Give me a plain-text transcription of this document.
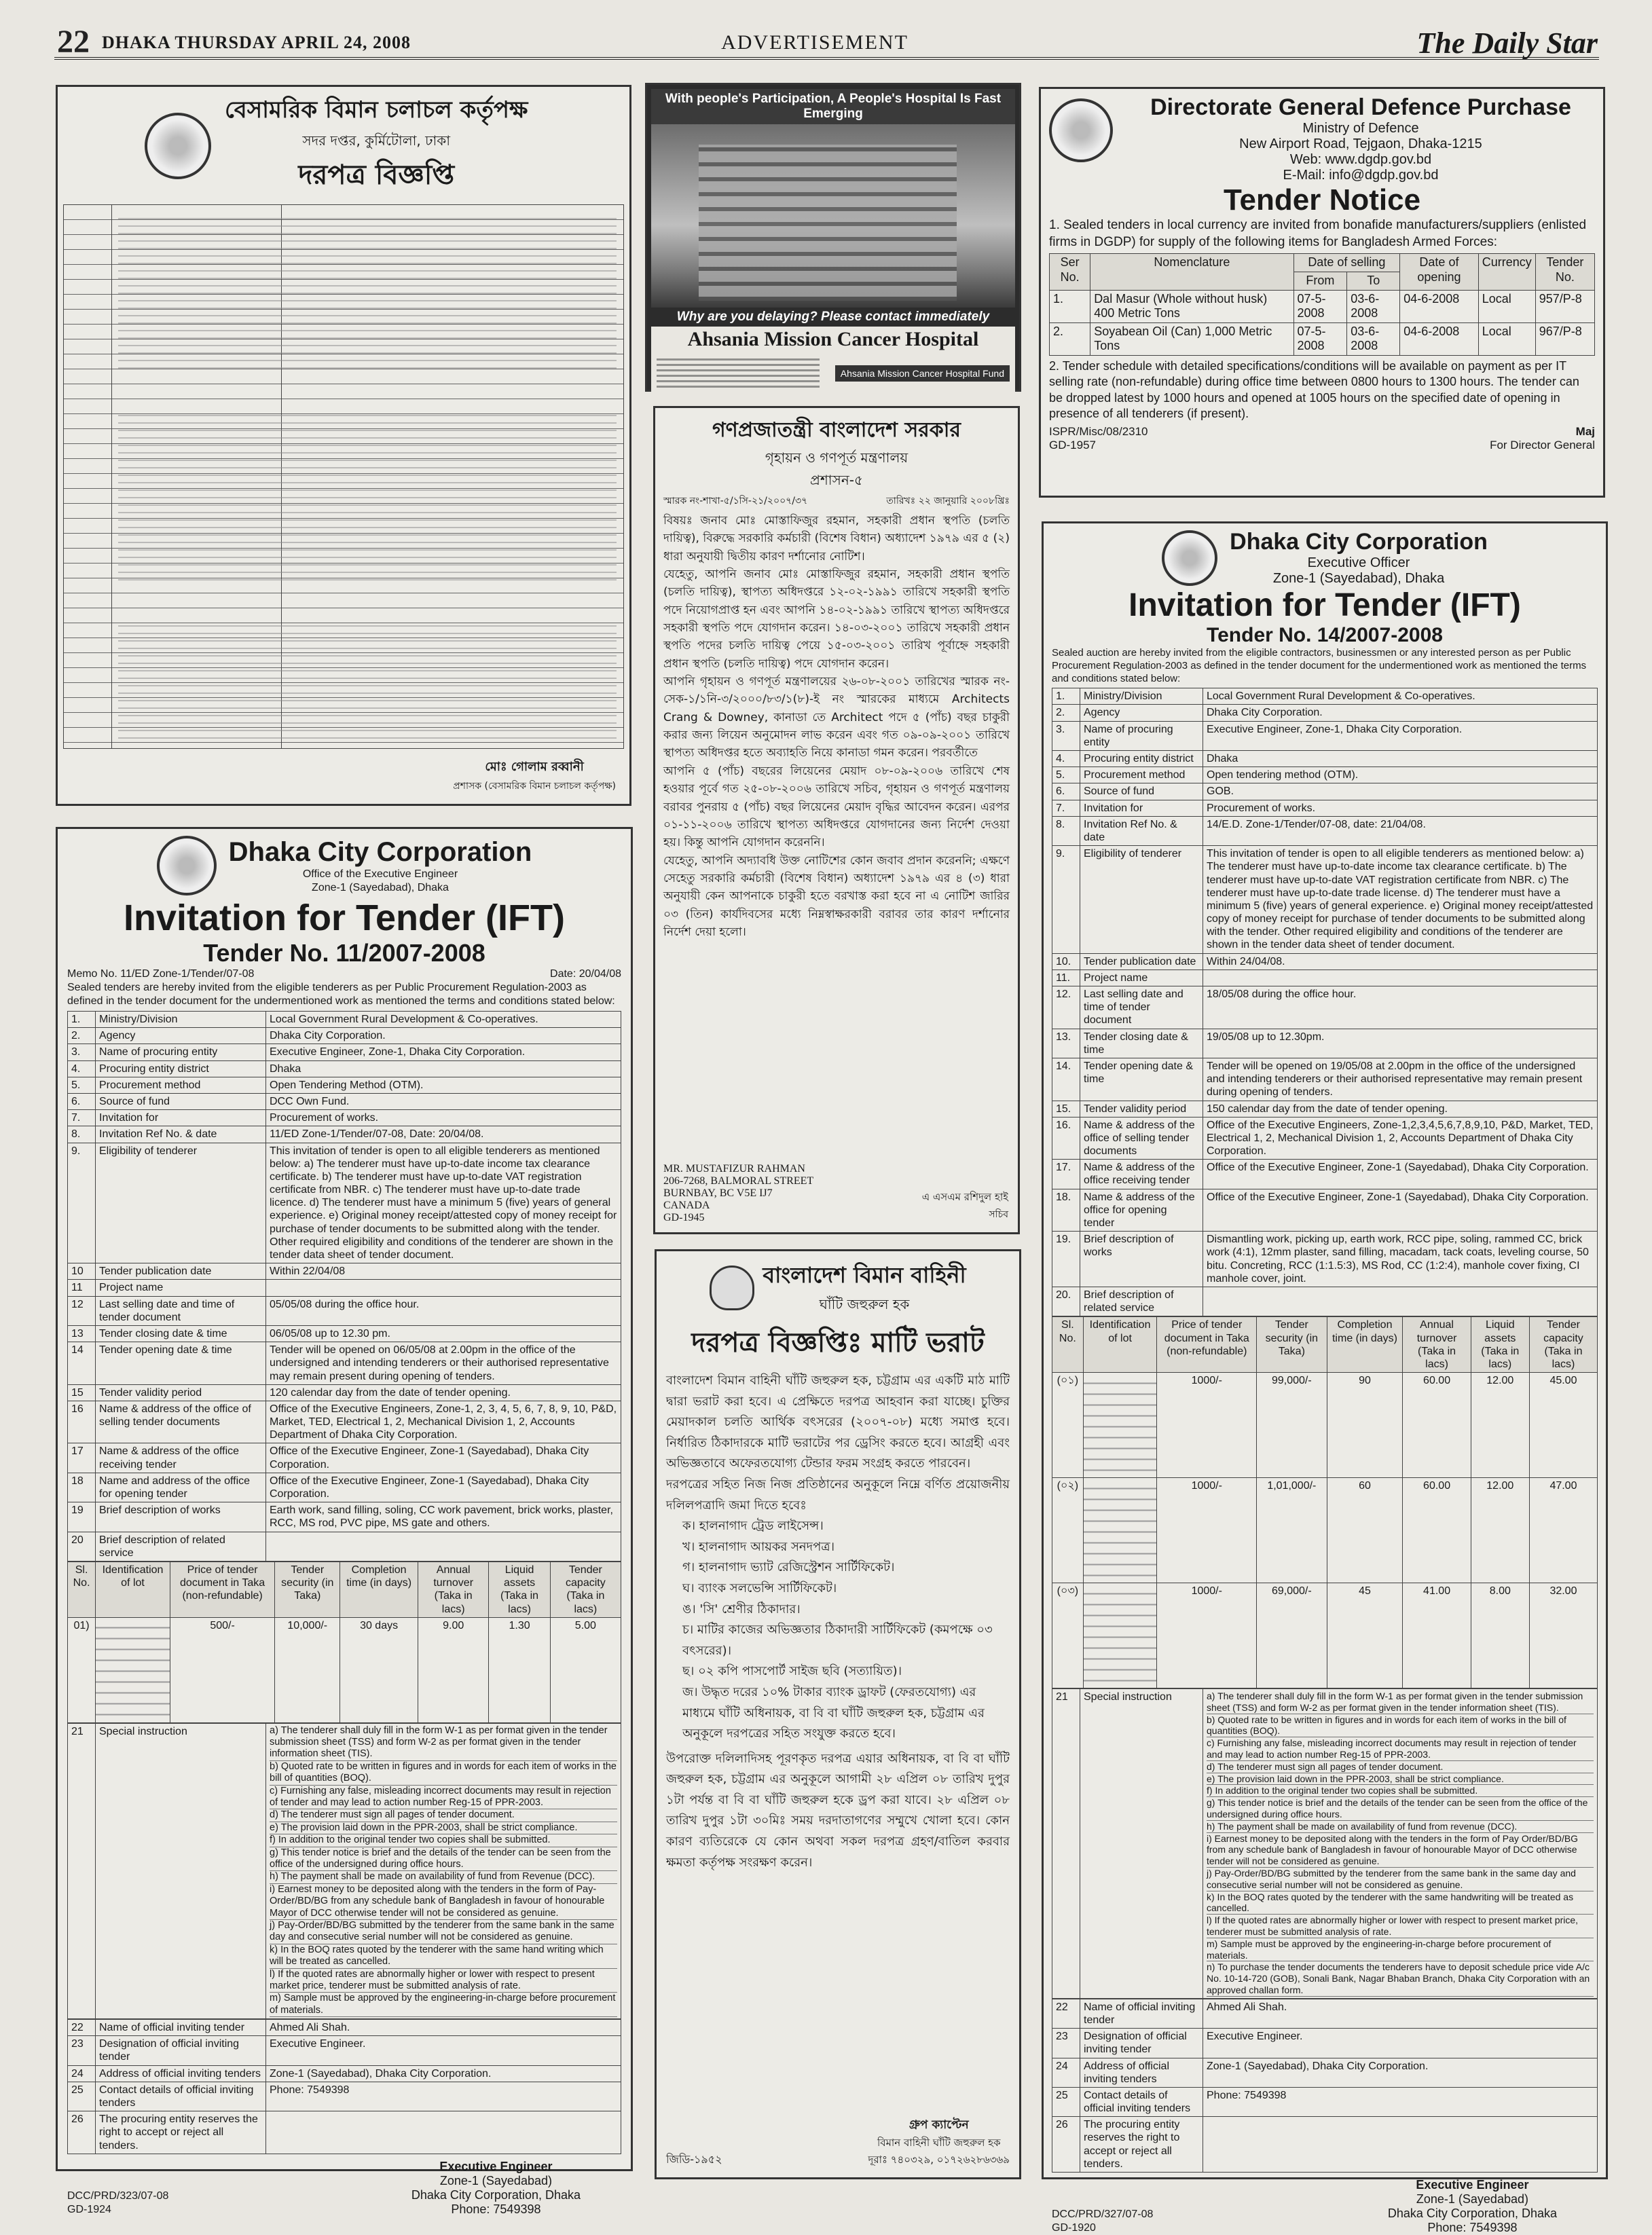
22 DHAKA THURSDAY APRIL 24, 2008	ADVERTISEMENT	The Daily Star
বেসামরিক বিমান চলাচল কর্তৃপক্ষ
সদর দপ্তর, কুর্মিটোলা, ঢাকা
দরপত্র বিজ্ঞপ্তি
মোঃ গোলাম রব্বানী
প্রশাসক (বেসামরিক বিমান চলাচল কর্তৃপক্ষ)
Dhaka City Corporation
Office of the Executive Engineer
Zone-1 (Sayedabad), Dhaka
Invitation for Tender (IFT)
Tender No. 11/2007-2008
Memo No. 11/ED Zone-1/Tender/07-08	Date: 20/04/08
Sealed tenders are hereby invited from the eligible tenderers as per Public Procurement Regulation-2003 as defined in the tender document for the undermentioned work as mentioned the terms and conditions stated below:
1.	Ministry/Division	Local Government Rural Development & Co-operatives.
2.	Agency	Dhaka City Corporation.
3.	Name of procuring entity	Executive Engineer, Zone-1, Dhaka City Corporation.
4.	Procuring entity district	Dhaka
5.	Procurement method	Open Tendering Method (OTM).
6.	Source of fund	DCC Own Fund.
7.	Invitation for	Procurement of works.
8.	Invitation Ref No. & date	11/ED Zone-1/Tender/07-08, Date: 20/04/08.
9.	Eligibility of tenderer	This invitation of tender is open to all eligible tenderers as mentioned below: a) The tenderer must have up-to-date income tax clearance certificate. b) The tenderer must have up-to-date VAT registration certificate from NBR. c) The tenderer must have up-to-date trade licence. d) The tenderer must have a minimum 5 (five) years of general experience. e) Original money receipt/attested copy of money receipt for purchase of tender documents to be submitted along with the tender. Other required eligibility and conditions of the tenderer are shown in the tender data sheet of tender document.
10	Tender publication date	Within 22/04/08
11	Project name	
12	Last selling date and time of tender document	05/05/08 during the office hour.
13	Tender closing date & time	06/05/08 up to 12.30 pm.
14	Tender opening date & time	Tender will be opened on 06/05/08 at 2.00pm in the office of the undersigned and intending tenderers or their authorised representative may remain present during opening of tenders.
15	Tender validity period	120 calendar day from the date of tender opening.
16	Name & address of the office of selling tender documents	Office of the Executive Engineers, Zone-1, 2, 3, 4, 5, 6, 7, 8, 9, 10, P&D, Market, TED, Electrical 1, 2, Mechanical Division 1, 2, Accounts Department of Dhaka City Corporation.
17	Name & address of the office receiving tender	Office of the Executive Engineer, Zone-1 (Sayedabad), Dhaka City Corporation.
18	Name and address of the office for opening tender	Office of the Executive Engineer, Zone-1 (Sayedabad), Dhaka City Corporation.
19	Brief description of works	Earth work, sand filling, soling, CC work pavement, brick works, plaster, RCC, MS rod, PVC pipe, MS gate and others.
20	Brief description of related service	
Sl. No.	Identification of lot	Price of tender document in Taka (non-refundable)	Tender security (in Taka)	Completion time (in days)	Annual turnover (Taka in lacs)	Liquid assets (Taka in lacs)	Tender capacity (Taka in lacs)
01)		500/-	10,000/-	30 days	9.00	1.30	5.00
21	Special instruction	a) The tenderer shall duly fill in the form W-1 as per format given in the tender submission sheet (TSS) and form W-2 as per format given in the tender information sheet (TIS).
b) Quoted rate to be written in figures and in words for each item of works in the bill of quantities (BOQ).
c) Furnishing any false, misleading incorrect documents may result in rejection of tender and may lead to action number Reg-15 of PPR-2003.
d) The tenderer must sign all pages of tender document.
e) The provision laid down in the PPR-2003, shall be strict compliance.
f) In addition to the original tender two copies shall be submitted.
g) This tender notice is brief and the details of the tender can be seen from the office of the undersigned during office hours.
h) The payment shall be made on availability of fund from Revenue (DCC).
i) Earnest money to be deposited along with the tenders in the form of Pay-Order/BD/BG from any schedule bank of Bangladesh in favour of honourable Mayor of DCC otherwise tender will not be considered as genuine.
j) Pay-Order/BD/BG submitted by the tenderer from the same bank in the same day and consecutive serial number will not be considered as genuine.
k) In the BOQ rates quoted by the tenderer with the same hand writing which will be treated as cancelled.
l) If the quoted rates are abnormally higher or lower with respect to present market price, tenderer must be submitted analysis of rate.
m) Sample must be approved by the engineering-in-charge before procurement of materials.
22	Name of official inviting tender	Ahmed Ali Shah.
23	Designation of official inviting tender	Executive Engineer.
24	Address of official inviting tenders	Zone-1 (Sayedabad), Dhaka City Corporation.
25	Contact details of official inviting tenders	Phone: 7549398
26	The procuring entity reserves the right to accept or reject all tenders.	
DCC/PRD/323/07-08
GD-1924
Executive Engineer
Zone-1 (Sayedabad)
Dhaka City Corporation, Dhaka
Phone: 7549398
With people's Participation, A People's Hospital Is Fast Emerging
Why are you delaying? Please contact immediately
Ahsania Mission Cancer Hospital
Ahsania Mission Cancer Hospital Fund
গণপ্রজাতন্ত্রী বাংলাদেশ সরকার
গৃহায়ন ও গণপূর্ত মন্ত্রণালয়
প্রশাসন-৫
স্মারক নং-শাখা-৫/১সি-২১/২০০৭/৩৭	তারিখঃ ২২ জানুয়ারি ২০০৮খ্রিঃ
বিষয়ঃ জনাব মোঃ মোস্তাফিজুর রহমান, সহকারী প্রধান স্থপতি (চলতি দায়িত্ব), বিরুদ্ধে সরকারি কর্মচারী (বিশেষ বিধান) অধ্যাদেশ ১৯৭৯ এর ৫ (২) ধারা অনুযায়ী দ্বিতীয় কারণ দর্শানোর নোটিশ।
যেহেতু, আপনি জনাব মোঃ মোস্তাফিজুর রহমান, সহকারী প্রধান স্থপতি (চলতি দায়িত্ব), স্থাপত্য অধিদপ্তরে ১২-০২-১৯৯১ তারিখে সহকারী স্থপতি পদে নিয়োগপ্রাপ্ত হন এবং আপনি ১৪-০২-১৯৯১ তারিখে স্থাপত্য অধিদপ্তরে সহকারী স্থপতি পদে যোগদান করেন। ১৪-০৩-২০০১ তারিখে সহকারী প্রধান স্থপতি পদের চলতি দায়িত্ব পেয়ে ১৫-০৩-২০০১ তারিখ পূর্বাহ্নে সহকারী প্রধান স্থপতি (চলতি দায়িত্ব) পদে যোগদান করেন।
আপনি গৃহায়ন ও গণপূর্ত মন্ত্রণালয়ের ২৬-০৮-২০০১ তারিখের স্মারক নং-সেক-১/১নি-৩/২০০০/৮৩/১(৮)-ই নং স্মারকের মাধ্যমে Architects Crang & Downey, কানাডা তে Architect পদে ৫ (পাঁচ) বছর চাকুরী করার জন্য লিয়েন অনুমোদন লাভ করেন এবং গত ০৯-০৯-২০০১ তারিখে স্থাপত্য অধিদপ্তর হতে অব্যাহতি নিয়ে কানাডা গমন করেন। পরবর্তীতে
আপনি ৫ (পাঁচ) বছরের লিয়েনের মেয়াদ ০৮-০৯-২০০৬ তারিখে শেষ হওয়ার পূর্বে গত ২৫-০৮-২০০৬ তারিখে সচিব, গৃহায়ন ও গণপূর্ত মন্ত্রণালয় বরাবর পুনরায় ৫ (পাঁচ) বছর লিয়েনের মেয়াদ বৃদ্ধির আবেদন করেন। এরপর ০১-১১-২০০৬ তারিখে স্থাপত্য অধিদপ্তরে যোগদানের জন্য নির্দেশ দেওয়া হয়। কিন্তু আপনি যোগদান করেননি।
যেহেতু, আপনি অদ্যাবধি উক্ত নোটিশের কোন জবাব প্রদান করেননি; এক্ষণে সেহেতু সরকারি কর্মচারী (বিশেষ বিধান) অধ্যাদেশ ১৯৭৯ এর ৪ (৩) ধারা অনুযায়ী কেন আপনাকে চাকুরী হতে বরখাস্ত করা হবে না এ নোটিশ জারির ০৩ (তিন) কার্যদিবসের মধ্যে নিম্নস্বাক্ষরকারী বরাবর তার কারণ দর্শানোর নির্দেশ দেয়া হলো।
MR. MUSTAFIZUR RAHMAN
206-7268, BALMORAL STREET
BURNBAY, BC V5E IJ7
CANADA
GD-1945
এ এসএম রশিদুল হাই
সচিব
বাংলাদেশ বিমান বাহিনী
ঘাঁটি জহুরুল হক
দরপত্র বিজ্ঞপ্তিঃ মাটি ভরাট
বাংলাদেশ বিমান বাহিনী ঘাঁটি জহুরুল হক, চট্টগ্রাম এর একটি মাঠ মাটি দ্বারা ভরাট করা হবে। এ প্রেক্ষিতে দরপত্র আহবান করা যাচ্ছে। চুক্তির মেয়াদকাল চলতি আর্থিক বৎসরের (২০০৭-০৮) মধ্যে সমাপ্ত হবে। নির্ধারিত ঠিকাদারকে মাটি ভরাটের পর ড্রেসিং করতে হবে। আগ্রহী এবং অভিজ্ঞতাবে অফেরতযোগ্য টেন্ডার ফরম সংগ্রহ করতে পারবেন।
দরপত্রের সহিত নিজ নিজ প্রতিষ্ঠানের অনুকূলে নিম্নে বর্ণিত প্রয়োজনীয় দলিলপত্রাদি জমা দিতে হবেঃ
ক। হালনাগাদ ট্রেড লাইসেন্স।
খ। হালনাগাদ আয়কর সনদপত্র।
গ। হালনাগাদ ভ্যাট রেজিস্ট্রেশন সার্টিফিকেট।
ঘ। ব্যাংক সলভেন্সি সার্টিফিকেট।
ঙ। 'সি' শ্রেণীর ঠিকাদার।
চ। মাটির কাজের অভিজ্ঞতার ঠিকাদারী সার্টিফিকেট (কমপক্ষে ০৩ বৎসরের)।
ছ। ০২ কপি পাসপোর্ট সাইজ ছবি (সত্যায়িত)।
জ। উদ্ধৃত দরের ১০% টাকার ব্যাংক ড্রাফট (ফেরতযোগ্য) এর মাধ্যমে ঘাঁটি অধিনায়ক, বা বি বা ঘাঁটি জহুরুল হক, চট্টগ্রাম এর অনুকূলে দরপত্রের সহিত সংযুক্ত করতে হবে।
উপরোক্ত দলিলাদিসহ পূরণকৃত দরপত্র এয়ার অধিনায়ক, বা বি বা ঘাঁটি জহুরুল হক, চট্টগ্রাম এর অনুকূলে আগামী ২৮ এপ্রিল ০৮ তারিখ দুপুর ১টা পর্যন্ত বা বি বা ঘাঁটি জহুরুল হকে ড্রপ করা যাবে। ২৮ এপ্রিল ০৮ তারিখ দুপুর ১টা ৩০মিঃ সময় দরদাতাগণের সম্মুখে খোলা হবে। কোন কারণ ব্যতিরেকে যে কোন অথবা সকল দরপত্র গ্রহণ/বাতিল করবার ক্ষমতা কর্তৃপক্ষ সংরক্ষণ করেন।
জিডি-১৯৫২
গ্রুপ ক্যাপ্টেন
বিমান বাহিনী ঘাঁটি জহুরুল হক
দূরাঃ ৭৪০৩২৯, ০১৭২৬২৮৬৩৬৯
Directorate General Defence Purchase
Ministry of Defence
New Airport Road, Tejgaon, Dhaka-1215
Web: www.dgdp.gov.bd
E-Mail: info@dgdp.gov.bd
Tender Notice
1. Sealed tenders in local currency are invited from bonafide manufacturers/suppliers (enlisted firms in DGDP) for supply of the following items for Bangladesh Armed Forces:
Ser No.	Nomenclature	Date of selling		Date of opening	Currency	Tender No.
		From	To			
1.	Dal Masur (Whole without husk) 400 Metric Tons	07-5-2008	03-6-2008	04-6-2008	Local	957/P-8
2.	Soyabean Oil (Can) 1,000 Metric Tons	07-5-2008	03-6-2008	04-6-2008	Local	967/P-8
2. Tender schedule with detailed specifications/conditions will be available on payment as per IT selling rate (non-refundable) during office time between 0800 hours to 1300 hours. The tender can be dropped latest by 1000 hours and opened at 1005 hours on the specified date of opening in presence of all tenderers (if present).
ISPR/Misc/08/2310
GD-1957
Maj
For Director General
Dhaka City Corporation
Executive Officer
Zone-1 (Sayedabad), Dhaka
Invitation for Tender (IFT)
Tender No. 14/2007-2008
Sealed auction are hereby invited from the eligible contractors, businessmen or any interested person as per Public Procurement Regulation-2003 as defined in the tender document for the undermentioned work as mentioned the terms and conditions stated below:
1.	Ministry/Division	Local Government Rural Development & Co-operatives.
2.	Agency	Dhaka City Corporation.
3.	Name of procuring entity	Executive Engineer, Zone-1, Dhaka City Corporation.
4.	Procuring entity district	Dhaka
5.	Procurement method	Open tendering method (OTM).
6.	Source of fund	GOB.
7.	Invitation for	Procurement of works.
8.	Invitation Ref No. & date	14/E.D. Zone-1/Tender/07-08, date: 21/04/08.
9.	Eligibility of tenderer	This invitation of tender is open to all eligible tenderers as mentioned below: a) The tenderer must have up-to-date income tax clearance certificate. b) The tenderer must have up-to-date VAT registration certificate from NBR. c) The tenderer must have up-to-date trade license. d) The tenderer must have a minimum 5 (five) years of general experience. e) Original money receipt/attested copy of money receipt for purchase of tender documents to be submitted along with the tender. Other required eligibility and conditions of the tenderer are shown in the tender data sheet of tender document.
10.	Tender publication date	Within 24/04/08.
11.	Project name	
12.	Last selling date and time of tender document	18/05/08 during the office hour.
13.	Tender closing date & time	19/05/08 up to 12.30pm.
14.	Tender opening date & time	Tender will be opened on 19/05/08 at 2.00pm in the office of the undersigned and intending tenderers or their authorised representative may remain present during opening of tenders.
15.	Tender validity period	150 calendar day from the date of tender opening.
16.	Name & address of the office of selling tender documents	Office of the Executive Engineers, Zone-1,2,3,4,5,6,7,8,9,10, P&D, Market, TED, Electrical 1, 2, Mechanical Division 1, 2, Accounts Department of Dhaka City Corporation.
17.	Name & address of the office receiving tender	Office of the Executive Engineer, Zone-1 (Sayedabad), Dhaka City Corporation.
18.	Name & address of the office for opening tender	Office of the Executive Engineer, Zone-1 (Sayedabad), Dhaka City Corporation.
19.	Brief description of works	Dismantling work, picking up, earth work, RCC pipe, soling, rammed CC, brick work (4:1), 12mm plaster, sand filling, macadam, tack coats, leveling course, 50 bitu. Concreting, RCC (1:1.5:3), MS Rod, CC (1:2:4), manhole cover fixing, CI manhole cover, joint.
20.	Brief description of related service	
Sl. No.	Identification of lot	Price of tender document in Taka (non-refundable)	Tender security (in Taka)	Completion time (in days)	Annual turnover (Taka in lacs)	Liquid assets (Taka in lacs)	Tender capacity (Taka in lacs)
(০১)		1000/-	99,000/-	90	60.00	12.00	45.00
(০২)		1000/-	1,01,000/-	60	60.00	12.00	47.00
(০৩)		1000/-	69,000/-	45	41.00	8.00	32.00
21	Special instruction	a) The tenderer shall duly fill in the form W-1 as per format given in the tender submission sheet (TSS) and form W-2 as per format given in the tender information sheet (TIS).
b) Quoted rate to be written in figures and in words for each item of works in the bill of quantities (BOQ).
c) Furnishing any false, misleading incorrect documents may result in rejection of tender and may lead to action number Reg-15 of PPR-2003.
d) The tenderer must sign all pages of tender document.
e) The provision laid down in the PPR-2003, shall be strict compliance.
f) In addition to the original tender two copies shall be submitted.
g) This tender notice is brief and the details of the tender can be seen from the office of the undersigned during office hours.
h) The payment shall be made on availability of fund from revenue (DCC).
i) Earnest money to be deposited along with the tenders in the form of Pay Order/BD/BG from any schedule bank of Bangladesh in favour of honourable Mayor of DCC otherwise tender will not be considered as genuine.
j) Pay-Order/BD/BG submitted by the tenderer from the same bank in the same day and consecutive serial number will not be considered as genuine.
k) In the BOQ rates quoted by the tenderer with the same handwriting will be treated as cancelled.
l) If the quoted rates are abnormally higher or lower with respect to present market price, tenderer must be submitted analysis of rate.
m) Sample must be approved by the engineering-in-charge before procurement of materials.
n) To purchase the tender documents the tenderers have to deposit schedule price vide A/c No. 10-14-720 (GOB), Sonali Bank, Nagar Bhaban Branch, Dhaka City Corporation with an approved challan form.
22	Name of official inviting tender	Ahmed Ali Shah.
23	Designation of official inviting tender	Executive Engineer.
24	Address of official inviting tenders	Zone-1 (Sayedabad), Dhaka City Corporation.
25	Contact details of official inviting tenders	Phone: 7549398
26	The procuring entity reserves the right to accept or reject all tenders.	
DCC/PRD/327/07-08
GD-1920
Executive Engineer
Zone-1 (Sayedabad)
Dhaka City Corporation, Dhaka
Phone: 7549398
